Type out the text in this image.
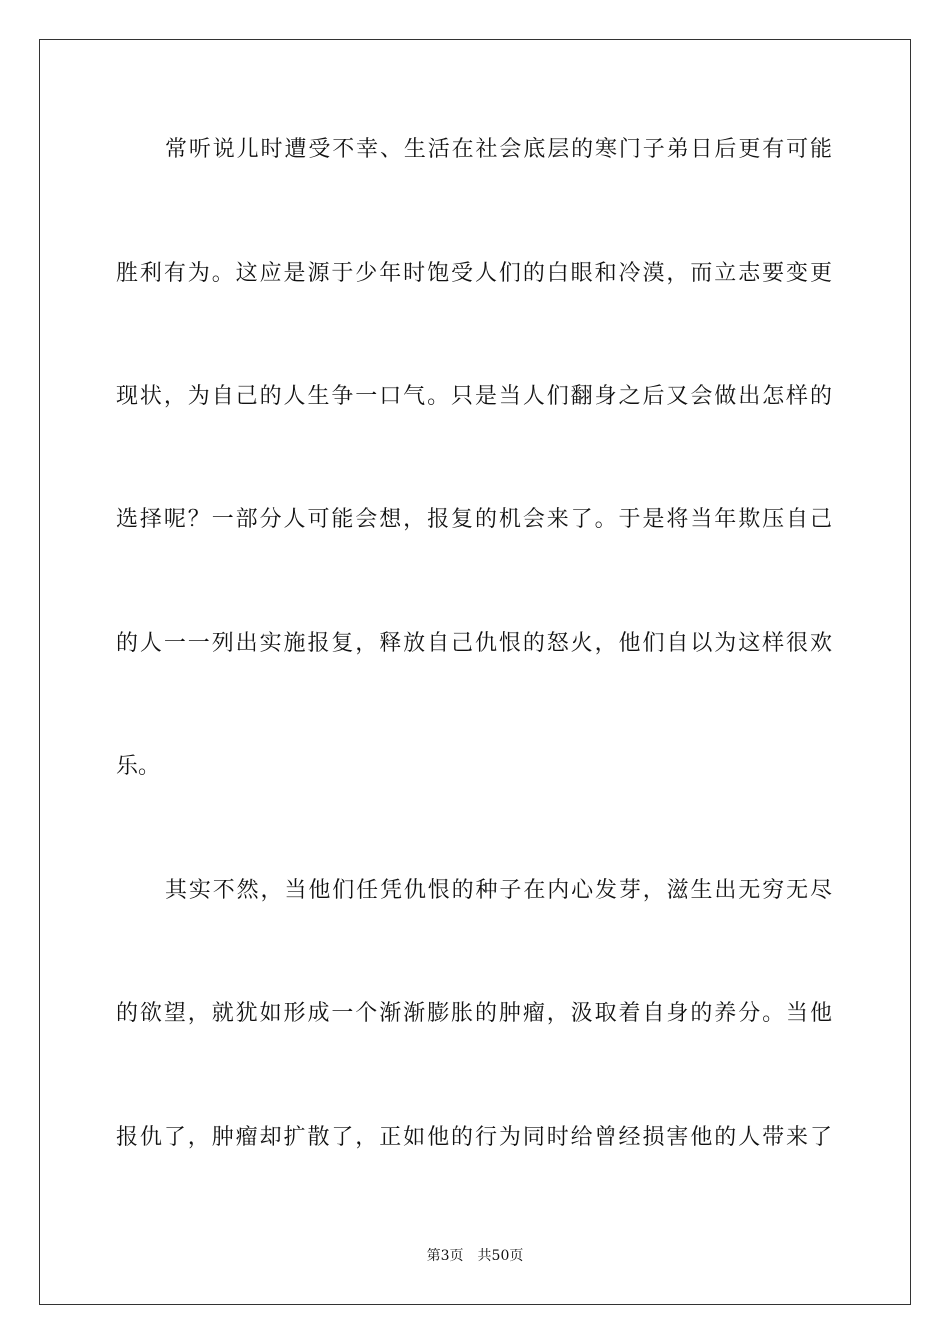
常听说儿时遭受不幸、生活在社会底层的寒门子弟日后更有可能
胜利有为。这应是源于少年时饱受人们的白眼和冷漠，而立志要变更
现状，为自己的人生争一口气。只是当人们翻身之后又会做出怎样的
选择呢？一部分人可能会想，报复的机会来了。于是将当年欺压自己
的人一一列出实施报复，释放自己仇恨的怒火，他们自以为这样很欢
乐。
其实不然，当他们任凭仇恨的种子在内心发芽，滋生出无穷无尽
的欲望，就犹如形成一个渐渐膨胀的肿瘤，汲取着自身的养分。当他
报仇了，肿瘤却扩散了，正如他的行为同时给曾经损害他的人带来了
第3页 共50页
